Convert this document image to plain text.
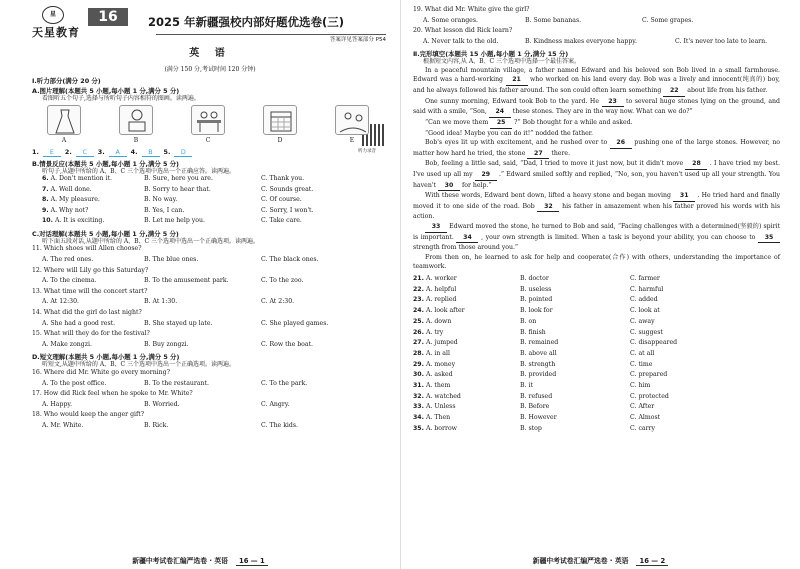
星
天星教育
16	2025 年新疆强校内部好题优选卷(三)
答案详见答案部分 P54
英 语
(满分 150 分,考试时间 120 分钟)
听力录音
Ⅰ.听力部分(满分 20 分)
A.图片理解(本题共 5 小题,每小题 1 分,满分 5 分)
看图听五个句子,选择与所听句子内容相符的图画。读两遍。
A	B	C	D	E
1.	E	2.	C	3.	A	4.	B	5.	D
B.情景反应(本题共 5 小题,每小题 1 分,满分 5 分)
听句子,从题中所给的 A、B、C 三个选项中选出一个正确应答。读两遍。
6. A. Don't mention it.	B. Sure, here you are.	C. Thank you.
7. A. Well done.	B. Sorry to hear that.	C. Sounds great.
8. A. My pleasure.	B. No way.	C. Of course.
9. A. Why not?	B. Yes, I can.	C. Sorry, I won't.
10. A. It is exciting.	B. Let me help you.	C. Take care.
C.对话理解(本题共 5 小题,每小题 1 分,满分 5 分)
听下面五段对话,从题中所给的 A、B、C 三个选项中选出一个正确选项。读两遍。
11. Which shoes will Allen choose?
A. The red ones.	B. The blue ones.	C. The black ones.
12. Where will Lily go this Saturday?
A. To the cinema.	B. To the amusement park.	C. To the zoo.
13. What time will the concert start?
A. At 12:30.	B. At 1:30.	C. At 2:30.
14. What did the girl do last night?
A. She had a good rest.	B. She stayed up late.	C. She played games.
15. What will they do for the festival?
A. Make zongzi.	B. Buy zongzi.	C. Row the boat.
D.短文理解(本题共 5 小题,每小题 1 分,满分 5 分)
听短文,从题中所给的 A、B、C 三个选项中选出一个正确选项。读两遍。
16. Where did Mr. White go every morning?
A. To the post office.	B. To the restaurant.	C. To the park.
17. How did Rick feel when he spoke to Mr. White?
A. Happy.	B. Worried.	C. Angry.
18. Who would keep the anger gift?
A. Mr. White.	B. Rick.	C. The kids.
新疆中考试卷汇编严选卷 · 英语 16 — 1
19. What did Mr. White give the girl?
A. Some oranges.	B. Some bananas.	C. Some grapes.
20. What lesson did Rick learn?
A. Never talk to the old.	B. Kindness makes everyone happy.	C. It's never too late to learn.
Ⅱ.完形填空(本题共 15 小题,每小题 1 分,满分 15 分)
根据短文内容,从 A、B、C 三个选项中选择一个最佳答案。

In a peaceful mountain village, a father named Edward and his beloved son Bob lived in a small farmhouse. Edward was a hard-working 21 who worked on his land every day. Bob was a lively and innocent(纯真的) boy, and he always followed his father around. The son could often learn something 22 about life from his father.

One sunny morning, Edward took Bob to the yard. He 23 to several huge stones lying on the ground, and said with a smile, “Son, 24 these stones. They are in the way now. What can we do?”

“Can we move them 25 ?” Bob thought for a while and asked.

“Good idea! Maybe you can do it!” nodded the father.

Bob's eyes lit up with excitement, and he rushed over to 26 pushing one of the large stones. However, no matter how hard he tried, the stone 27 there.

Bob, feeling a little sad, said, “Dad, I tried to move it just now, but it didn't move 28 . I have tried my best. I've used up all my 29 .” Edward smiled softly and replied, “No, son, you haven't used up all your strength. You haven't 30 for help.”

With these words, Edward bent down, lifted a heavy stone and began moving 31 . He tried hard and finally moved it to one side of the road. Bob 32 his father in amazement when his father proved his words with his action.

33 Edward moved the stone, he turned to Bob and said, “Facing challenges with a determined(坚毅的) spirit is important. 34 , your own strength is limited. When a task is beyond your ability, you can choose to 35 strength from those around you.”

From then on, he learned to ask for help and cooperate(合作) with others, understanding the importance of teamwork.

21. A. worker	B. doctor	C. farmer
22. A. helpful	B. useless	C. harmful
23. A. replied	B. pointed	C. added
24. A. look after	B. look for	C. look at
25. A. down	B. on	C. away
26. A. try	B. finish	C. suggest
27. A. jumped	B. remained	C. disappeared
28. A. in all	B. above all	C. at all
29. A. money	B. strength	C. time
30. A. asked	B. provided	C. prepared
31. A. them	B. it	C. him
32. A. watched	B. refused	C. protected
33. A. Unless	B. Before	C. After
34. A. Then	B. However	C. Almost
35. A. borrow	B. stop	C. carry
新疆中考试卷汇编严选卷 · 英语 16 — 2
